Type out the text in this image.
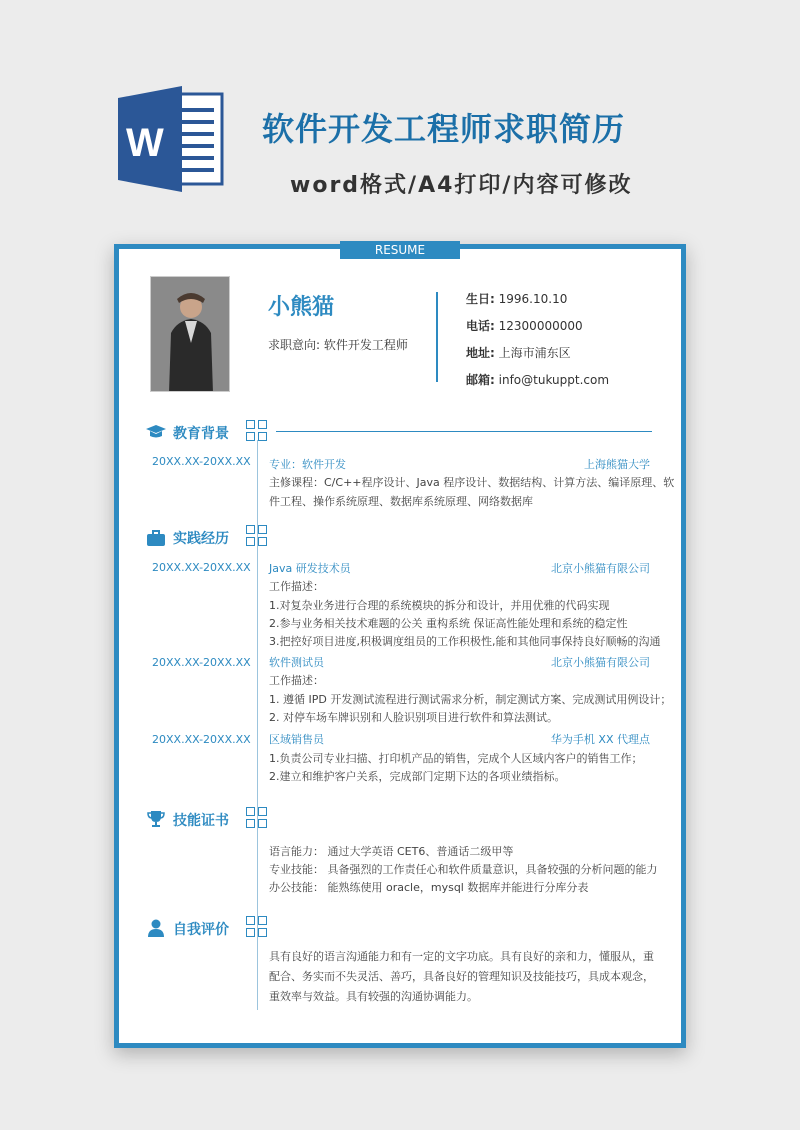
W	软件开发工程师求职简历
word格式/A4打印/内容可修改
RESUME
小熊猫
求职意向: 软件开发工程师
生日: 1996.10.10
电话: 12300000000
地址: 上海市浦东区
邮箱: info@tukuppt.com
教育背景
20XX.XX-20XX.XX 专业：软件开发	上海熊猫大学
主修课程：C/C++程序设计、Java 程序设计、数据结构、计算方法、编译原理、软
件工程、操作系统原理、数据库系统原理、网络数据库
实践经历
20XX.XX-20XX.XX Java 研发技术员	北京小熊猫有限公司
工作描述：
1.对复杂业务进行合理的系统模块的拆分和设计，并用优雅的代码实现
2.参与业务相关技术难题的公关 重构系统 保证高性能处理和系统的稳定性
3.把控好项目进度,积极调度组员的工作积极性,能和其他同事保持良好顺畅的沟通
20XX.XX-20XX.XX 软件测试员	北京小熊猫有限公司
工作描述：
1. 遵循 IPD 开发测试流程进行测试需求分析，制定测试方案、完成测试用例设计；
2. 对停车场车牌识别和人脸识别项目进行软件和算法测试。
20XX.XX-20XX.XX 区域销售员	华为手机 XX 代理点
1.负责公司专业扫描、打印机产品的销售，完成个人区域内客户的销售工作；
2.建立和维护客户关系，完成部门定期下达的各项业绩指标。
技能证书
语言能力： 通过大学英语 CET6、普通话二级甲等
专业技能： 具备强烈的工作责任心和软件质量意识，具备较强的分析问题的能力
办公技能： 能熟练使用 oracle，mysql 数据库并能进行分库分表
自我评价
具有良好的语言沟通能力和有一定的文字功底。具有良好的亲和力，懂服从，重配合、务实而不失灵活、善巧，具备良好的管理知识及技能技巧，具成本观念，重效率与效益。具有较强的沟通协调能力。
